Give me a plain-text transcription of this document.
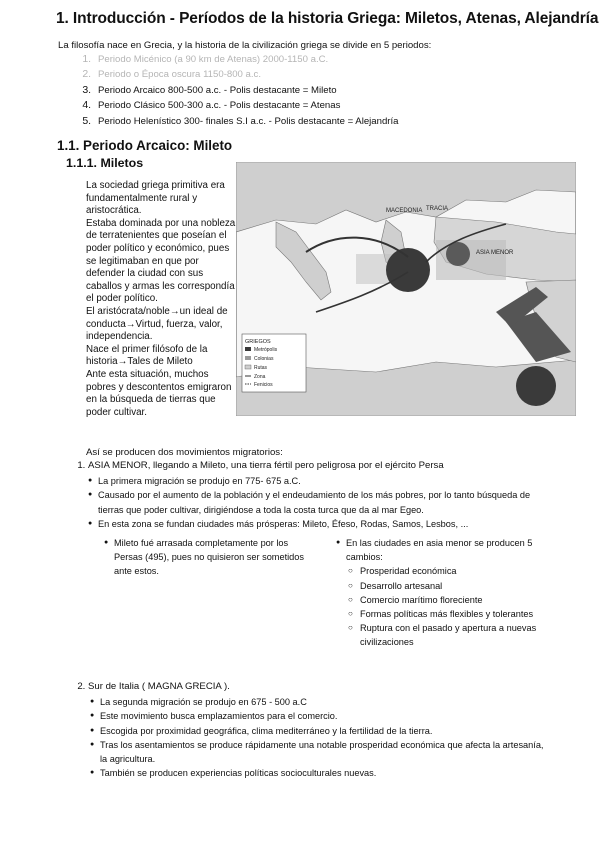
1. Introducción - Períodos de la historia Griega: Miletos, Atenas, Alejandría

La filosofía nace en Grecia, y la historia de la civilización griega se divide en 5 periodos:

1. Periodo Micénico (a 90 km de Atenas) 2000-1150 a.C.
2. Periodo o Época oscura 1150-800 a.c.
3. Periodo Arcaico 800-500 a.c. - Polis destacante = Mileto
4. Periodo Clásico 500-300 a.c. - Polis destacante = Atenas
5. Periodo Helenístico 300- finales S.I a.c. - Polis destacante = Alejandría
1.1. Periodo Arcaico: Mileto
1.1.1. Miletos

La sociedad griega primitiva era fundamentalmente rural y aristocrática.

Estaba dominada por una nobleza de terratenientes que poseían el poder político y económico, pues se legitimaban en que por defender la ciudad con sus caballos y armas les correspondía el poder político.

El aristócrata/noble→un ideal de conducta→Virtud, fuerza, valor, independencia.

Nace el primer filósofo de la historia→Tales de Mileto

Ante esta situación, muchos pobres y descontentos emigraron en la búsqueda de tierras que poder cultivar.

MACEDONIA TRACIA
ASIA MENOR
GRIEGOS
Metrópolis
Colonias
Rutas
Zona
Fenicios

Así se producen dos movimientos migratorios:

1. ASIA MENOR, llegando a Mileto, una tierra fértil pero peligrosa por el ejército Persa
● La primera migración se produjo en 775- 675 a.C.
● Causado por el aumento de la población y el endeudamiento de los más pobres, por lo tanto búsqueda de tierras que poder cultivar, dirigiéndose a toda la costa turca que da al mar Egeo.
● En esta zona se fundan ciudades más prósperas: Mileto, Éfeso, Rodas, Samos, Lesbos, ...
● Mileto fué arrasada completamente por los Persas (495), pues no quisieron ser sometidos ante estos.
● En las ciudades en asia menor se producen 5 cambios:
○ Prosperidad económica
○ Desarrollo artesanal
○ Comercio marítimo floreciente
○ Formas políticas más flexibles y tolerantes
○ Ruptura con el pasado y apertura a nuevas civilizaciones
2. Sur de Italia ( MAGNA GRECIA ).
● La segunda migración se produjo en 675 - 500 a.C
● Este movimiento busca emplazamientos para el comercio.
● Escogida por proximidad geográfica, clima mediterráneo y la fertilidad de la tierra.
● Tras los asentamientos se produce rápidamente una notable prosperidad económica que afecta la artesanía, la agricultura.
● También se producen experiencias políticas socioculturales nuevas.
